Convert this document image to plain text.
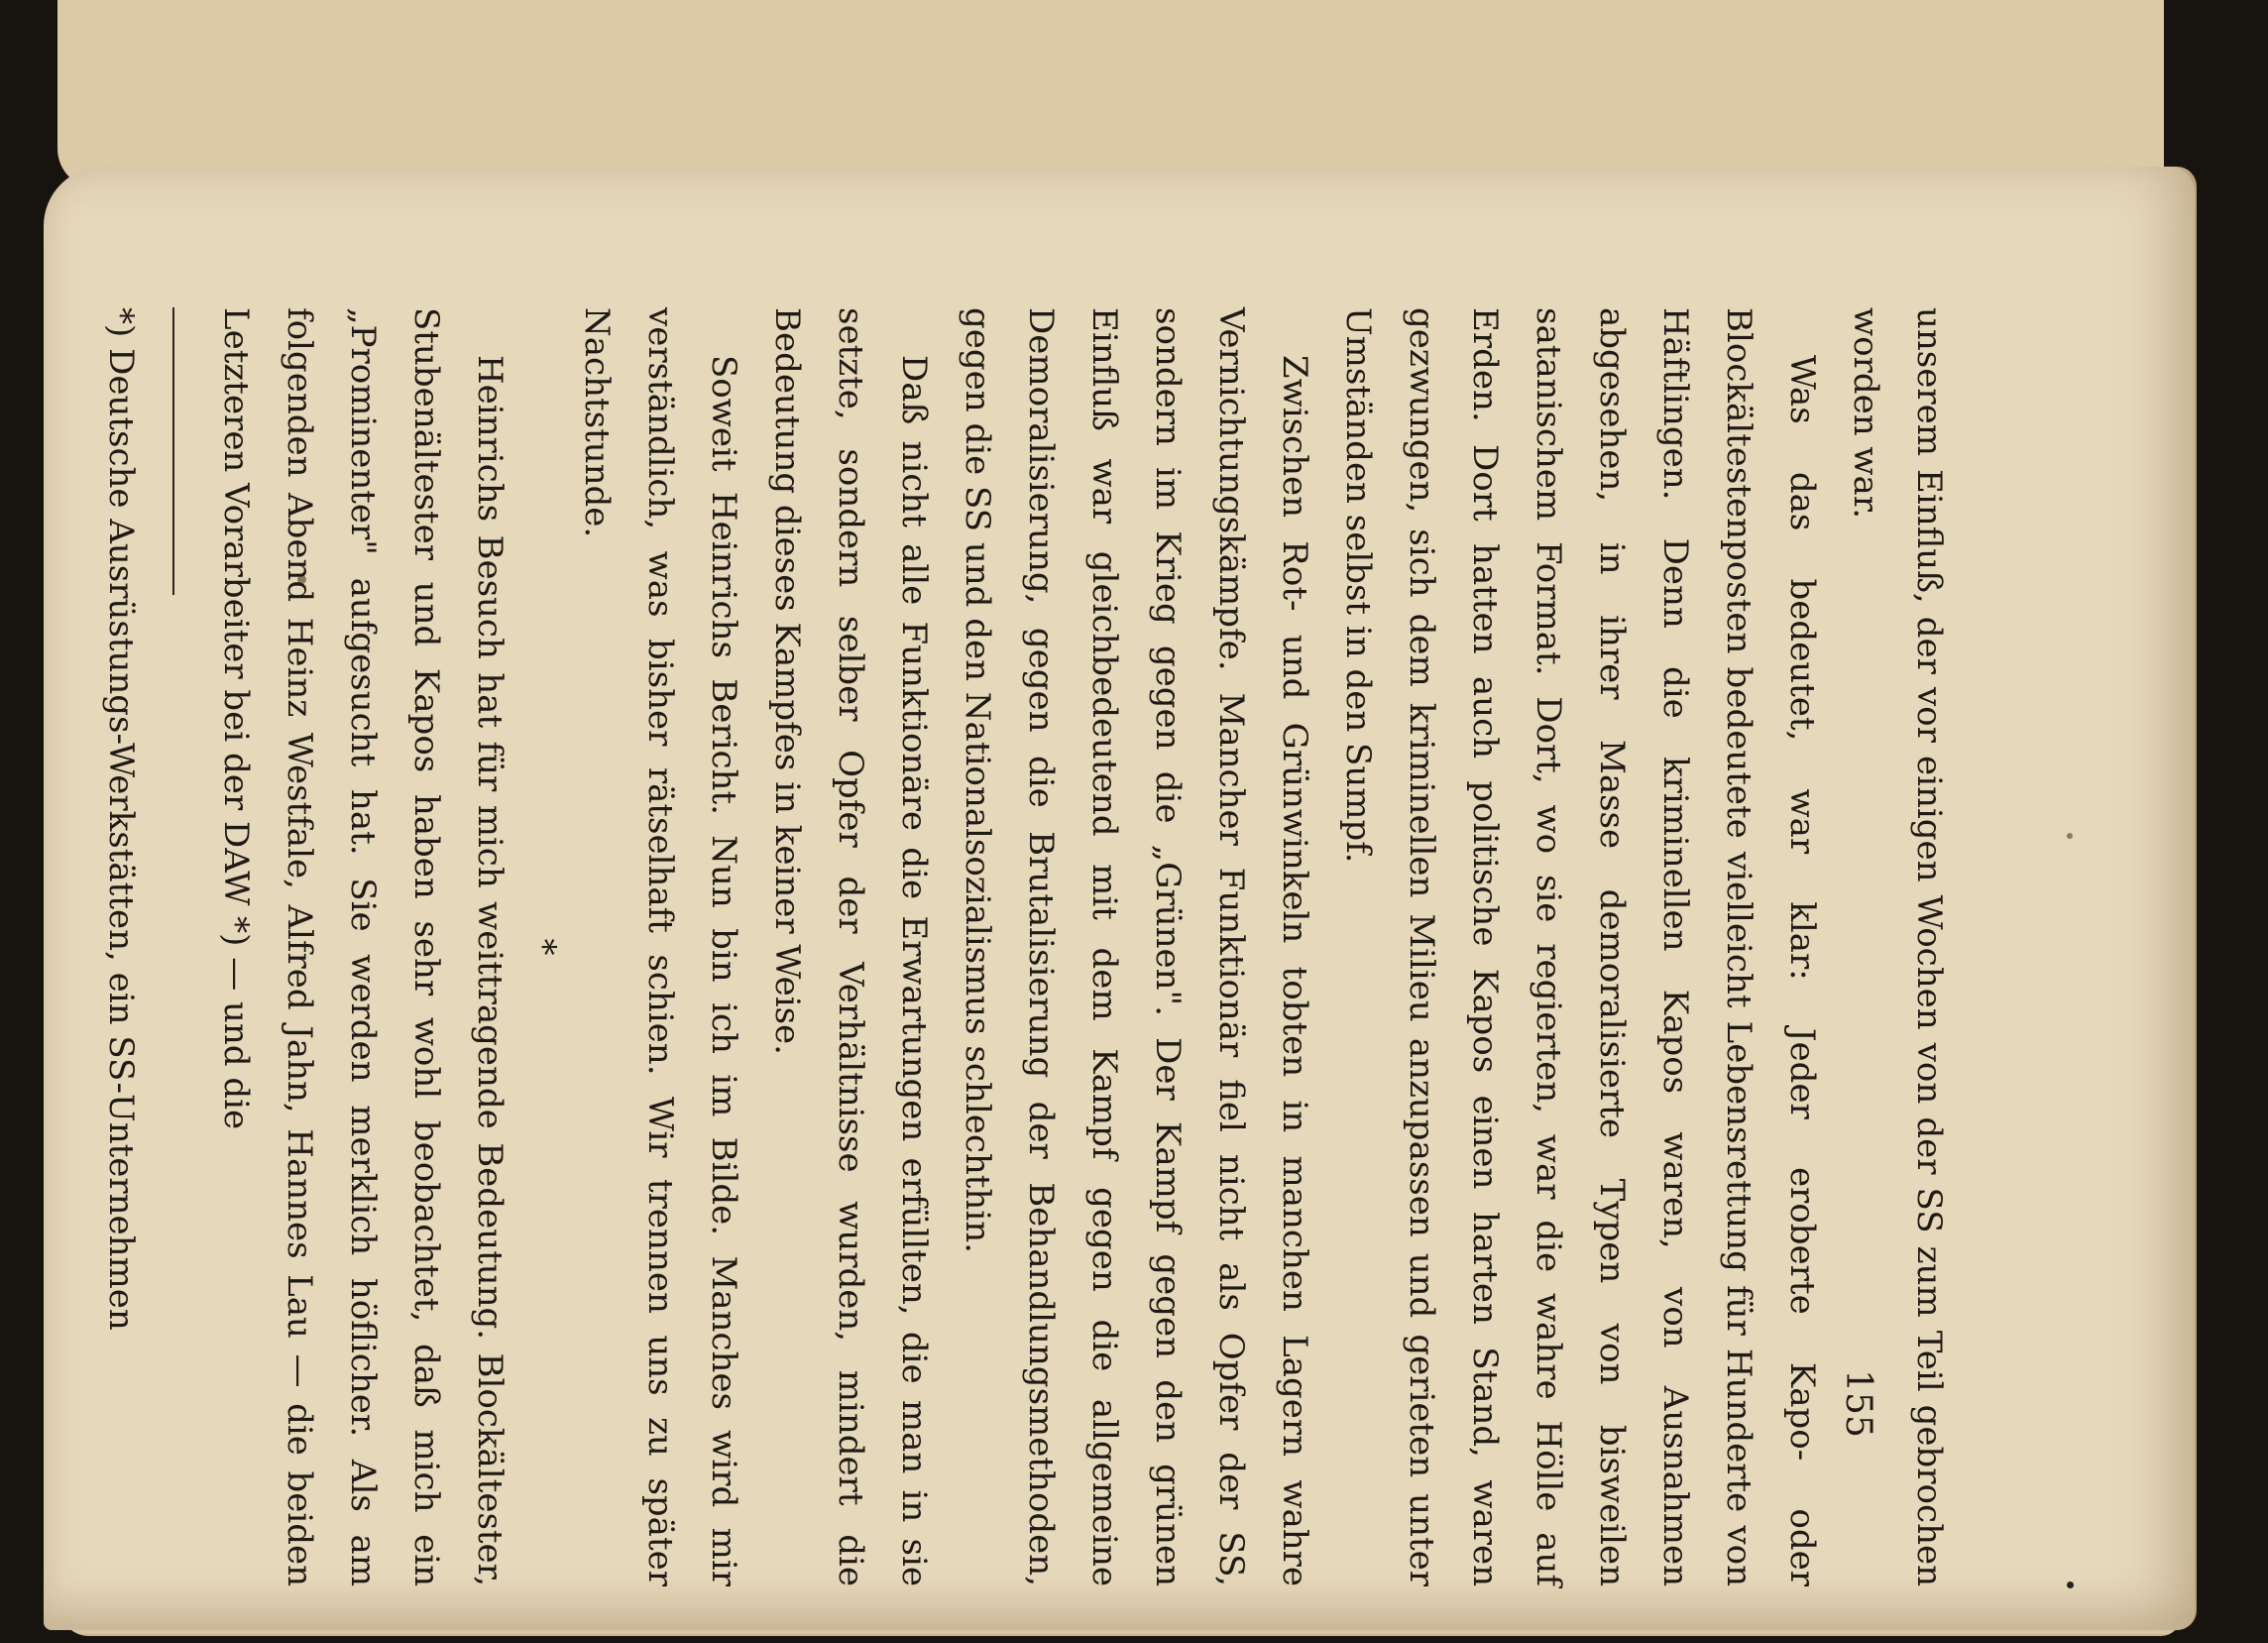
unserem Einfluß, der vor einigen Wochen von der SS zum Teil gebrochen worden war.

Was das bedeutet, war klar: Jeder eroberte Kapo- oder Blockältestenposten bedeutete vielleicht Lebensrettung für Hunderte von Häftlingen. Denn die kriminellen Kapos waren, von Ausnahmen abgesehen, in ihrer Masse demoralisierte Typen von bisweilen satanischem Format. Dort, wo sie regierten, war die wahre Hölle auf Erden. Dort hatten auch politische Kapos einen harten Stand, waren gezwungen, sich dem kriminellen Milieu anzupassen und gerieten unter Umständen selbst in den Sumpf.

Zwischen Rot- und Grünwinkeln tobten in manchen Lagern wahre Vernichtungskämpfe. Mancher Funktionär fiel nicht als Opfer der SS, sondern im Krieg gegen die „Grünen". Der Kampf gegen den grünen Einfluß war gleichbedeutend mit dem Kampf gegen die allgemeine Demoralisierung, gegen die Brutalisierung der Behandlungsmethoden, gegen die SS und den Nationalsozialismus schlechthin.

Daß nicht alle Funktionäre die Erwartungen erfüllten, die man in sie setzte, sondern selber Opfer der Verhältnisse wurden, mindert die Bedeutung dieses Kampfes in keiner Weise.

Soweit Heinrichs Bericht. Nun bin ich im Bilde. Manches wird mir verständlich, was bisher rätselhaft schien. Wir trennen uns zu später Nachtstunde.

*

Heinrichs Besuch hat für mich weittragende Bedeutung. Blockältester, Stubenältester und Kapos haben sehr wohl beobachtet, daß mich ein „Prominenter" aufgesucht hat. Sie werden merklich höflicher. Als am folgenden Abend Heinz Westfale, Alfred Jahn, Hannes Lau — die beiden Letzteren Vorarbeiter bei der DAW *) — und die

*) Deutsche Ausrüstungs-Werkstätten, ein SS-Unternehmen

155
